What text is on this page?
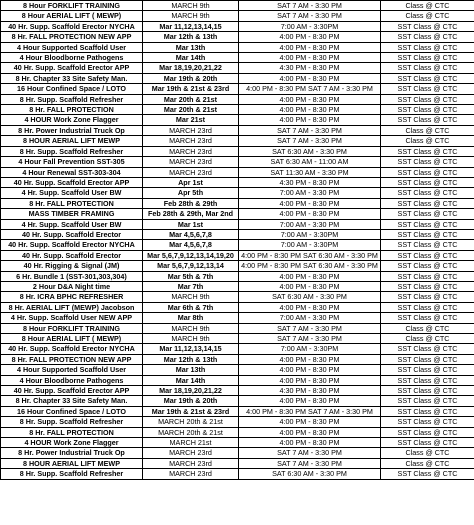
8 Hour FORKLIFT TRAINING	MARCH 9th	SAT 7 AM - 3:30 PM	Class @ CTC
8 Hour AERIAL LIFT ( MEWP)	MARCH 9th	SAT 7 AM - 3:30 PM	Class @ CTC
40 Hr. Supp. Scaffold Erector NYCHA	Mar 11,12,13,14,15	7:00 AM - 3:30PM	SST Class @ CTC
8 Hr. FALL PROTECTION NEW APP	Mar 12th & 13th	4:00 PM - 8:30 PM	SST Class @ CTC
4 Hour Supported Scaffold User	Mar 13th	4:00 PM - 8:30 PM	SST Class @ CTC
4 Hour Bloodborne Pathogens	Mar 14th	4:00 PM - 8:30 PM	SST Class @ CTC
40 Hr. Supp. Scaffold Erector APP	Mar 18,19,20,21,22	4:30 PM - 8:30 PM	SST Class @ CTC
8 Hr. Chapter 33 Site Safety Man.	Mar 19th & 20th	4:00 PM - 8:30 PM	SST Class @ CTC
16 Hour Confined Space / LOTO	Mar 19th & 21st & 23rd	4:00 PM - 8:30 PM SAT 7 AM - 3:30 PM	SST Class @ CTC
8 Hr. Supp. Scaffold Refresher	Mar 20th & 21st	4:00 PM - 8:30 PM	SST Class @ CTC
8 Hr. FALL PROTECTION	Mar 20th & 21st	4:00 PM - 8:30 PM	SST Class @ CTC
4 HOUR Work Zone Flagger	Mar 21st	4:00 PM - 8:30 PM	SST Class @ CTC
8 Hr. Power Industrial Truck Op	MARCH 23rd	SAT 7 AM - 3:30 PM	Class @ CTC
8 HOUR AERIAL LIFT MEWP	MARCH 23rd	SAT 7 AM - 3:30 PM	Class @ CTC
8 Hr. Supp. Scaffold Refresher	MARCH 23rd	SAT 6:30 AM - 3:30 PM	SST Class @ CTC
4 Hour Fall Prevention SST-305	MARCH 23rd	SAT 6:30 AM - 11:00 AM	SST Class @ CTC
4 Hour Renewal SST-303-304	MARCH 23rd	SAT 11:30 AM - 3:30 PM	SST Class @ CTC
40 Hr. Supp. Scaffold Erector APP	Apr 1st	4:30 PM - 8:30 PM	SST Class @ CTC
4 Hr. Supp. Scaffold User BW	Apr 5th	7:00 AM - 3:30 PM	SST Class @ CTC
8 Hr. FALL PROTECTION	Feb 28th & 29th	4:00 PM - 8:30 PM	SST Class @ CTC
MASS TIMBER FRAMING	Feb 28th & 29th, Mar 2nd	4:00 PM - 8:30 PM	SST Class @ CTC
4 Hr. Supp. Scaffold User BW	Mar 1st	7:00 AM - 3:30 PM	SST Class @ CTC
40 Hr. Supp. Scaffold Erector	Mar 4,5,6,7,8	7:00 AM - 3:30PM	SST Class @ CTC
40 Hr. Supp. Scaffold Erector NYCHA	Mar 4,5,6,7,8	7:00 AM - 3:30PM	SST Class @ CTC
40 Hr. Supp. Scaffold Erector	Mar 5,6,7,9,12,13,14,19,20	4:00 PM - 8:30 PM SAT 6:30 AM - 3:30 PM	SST Class @ CTC
40 Hr. Rigging & Signal (JM)	Mar 5,6,7,9,12,13,14	4:00 PM - 8:30 PM SAT 6:30 AM - 3:30 PM	SST Class @ CTC
6 Hr. Bundle 1 (SST-301,303,304)	Mar 5th & 7th	4:00 PM - 8:30 PM	SST Class @ CTC
2 Hour D&A Night time	Mar 7th	4:00 PM - 8:30 PM	SST Class @ CTC
8 Hr. ICRA BPHC REFRESHER	MARCH 9th	SAT 6:30 AM - 3:30 PM	SST Class @ CTC
8 Hr. AERIAL LIFT (MEWP) Jacobson	Mar 6th & 7th	4:00 PM - 8:30 PM	SST Class @ CTC
4 Hr. Supp. Scaffold User NEW APP	Mar 8th	7:00 AM - 3:30 PM	SST Class @ CTC
8 Hour FORKLIFT TRAINING	MARCH 9th	SAT 7 AM - 3:30 PM	Class @ CTC
8 Hour AERIAL LIFT ( MEWP)	MARCH 9th	SAT 7 AM - 3:30 PM	Class @ CTC
40 Hr. Supp. Scaffold Erector NYCHA	Mar 11,12,13,14,15	7:00 AM - 3:30PM	SST Class @ CTC
8 Hr. FALL PROTECTION NEW APP	Mar 12th & 13th	4:00 PM - 8:30 PM	SST Class @ CTC
4 Hour Supported Scaffold User	Mar 13th	4:00 PM - 8:30 PM	SST Class @ CTC
4 Hour Bloodborne Pathogens	Mar 14th	4:00 PM - 8:30 PM	SST Class @ CTC
40 Hr. Supp. Scaffold Erector APP	Mar 18,19,20,21,22	4:30 PM - 8:30 PM	SST Class @ CTC
8 Hr. Chapter 33 Site Safety Man.	Mar 19th & 20th	4:00 PM - 8:30 PM	SST Class @ CTC
16 Hour Confined Space / LOTO	Mar 19th & 21st & 23rd	4:00 PM - 8:30 PM SAT 7 AM - 3:30 PM	SST Class @ CTC
8 Hr. Supp. Scaffold Refresher	MARCH 20th & 21st	4:00 PM - 8:30 PM	SST Class @ CTC
8 Hr. FALL PROTECTION	MARCH 20th & 21st	4:00 PM - 8:30 PM	SST Class @ CTC
4 HOUR Work Zone Flagger	MARCH 21st	4:00 PM - 8:30 PM	SST Class @ CTC
8 Hr. Power Industrial Truck Op	MARCH 23rd	SAT 7 AM - 3:30 PM	Class @ CTC
8 HOUR AERIAL LIFT MEWP	MARCH 23rd	SAT 7 AM - 3:30 PM	Class @ CTC
8 Hr. Supp. Scaffold Refresher	MARCH 23rd	SAT 6:30 AM - 3:30 PM	SST Class @ CTC
